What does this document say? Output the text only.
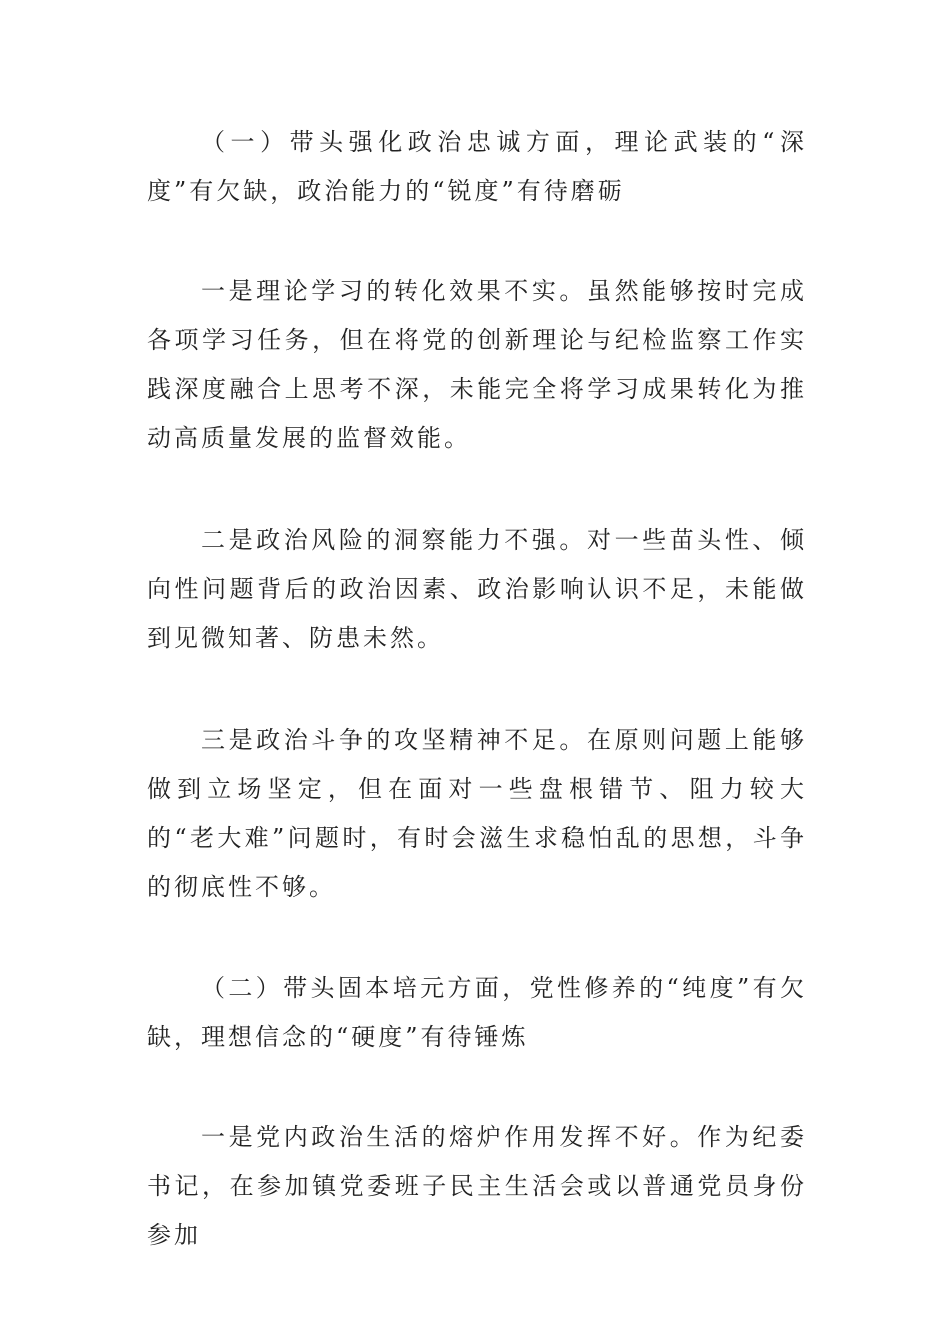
（一）带头强化政治忠诚方面，理论武装的“深度”有欠缺，政治能力的“锐度”有待磨砺

一是理论学习的转化效果不实。虽然能够按时完成各项学习任务，但在将党的创新理论与纪检监察工作实践深度融合上思考不深，未能完全将学习成果转化为推动高质量发展的监督效能。

二是政治风险的洞察能力不强。对一些苗头性、倾向性问题背后的政治因素、政治影响认识不足，未能做到见微知著、防患未然。

三是政治斗争的攻坚精神不足。在原则问题上能够做到立场坚定，但在面对一些盘根错节、阻力较大的“老大难”问题时，有时会滋生求稳怕乱的思想，斗争的彻底性不够。

（二）带头固本培元方面，党性修养的“纯度”有欠缺，理想信念的“硬度”有待锤炼

一是党内政治生活的熔炉作用发挥不好。作为纪委书记，在参加镇党委班子民主生活会或以普通党员身份参加
